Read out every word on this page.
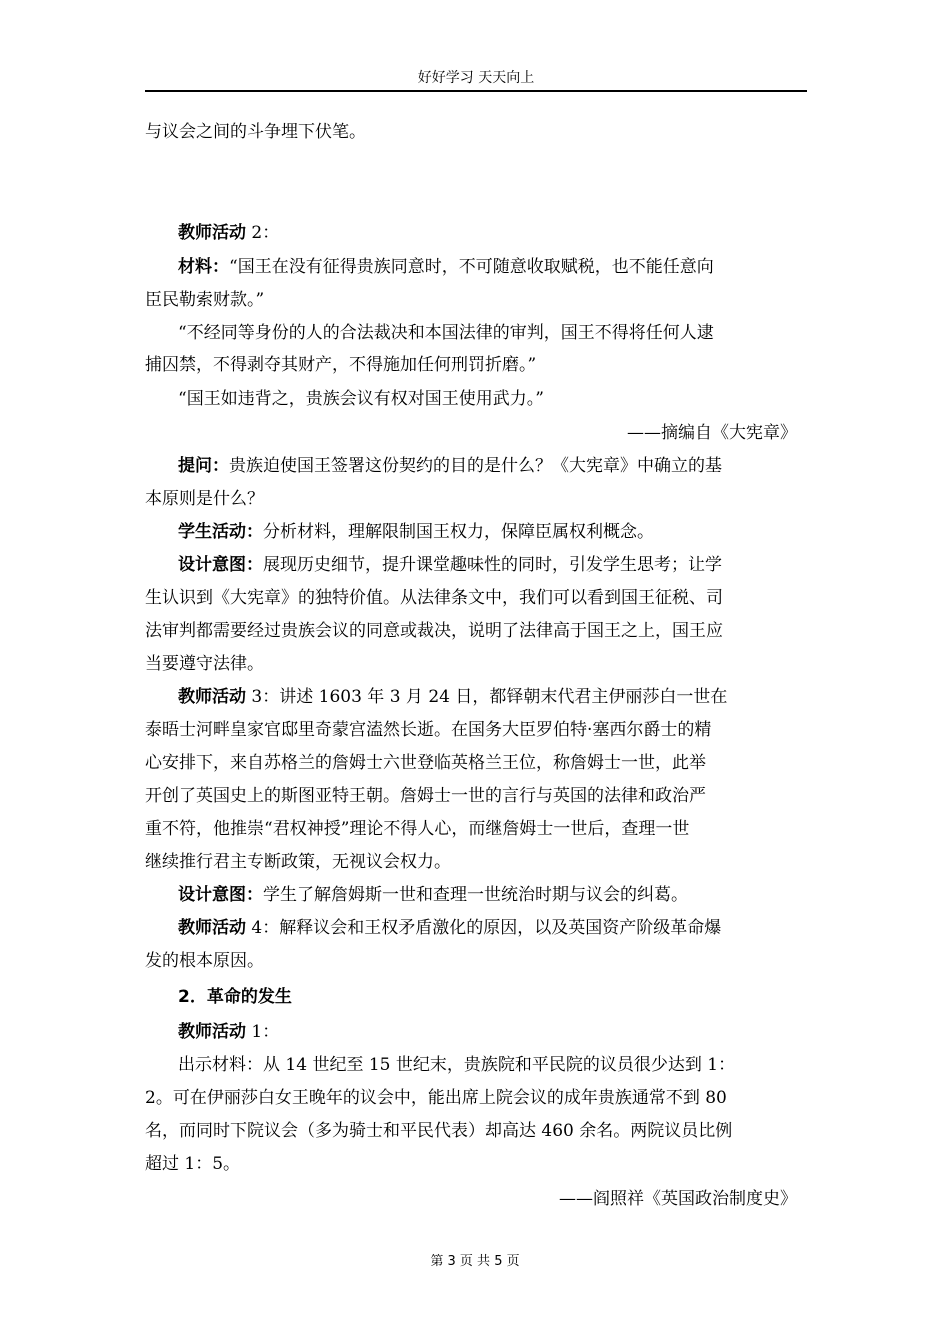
好好学习 天天向上
与议会之间的斗争埋下伏笔。
教师活动 2：
材料：“国王在没有征得贵族同意时，不可随意收取赋税，也不能任意向
臣民勒索财款。”
“不经同等身份的人的合法裁决和本国法律的审判，国王不得将任何人逮
捕囚禁，不得剥夺其财产，不得施加任何刑罚折磨。”
“国王如违背之，贵族会议有权对国王使用武力。”
——摘编自《大宪章》
提问：贵族迫使国王签署这份契约的目的是什么？《大宪章》中确立的基
本原则是什么？
学生活动：分析材料，理解限制国王权力，保障臣属权利概念。
设计意图：展现历史细节，提升课堂趣味性的同时，引发学生思考；让学
生认识到《大宪章》的独特价值。从法律条文中，我们可以看到国王征税、司
法审判都需要经过贵族会议的同意或裁决，说明了法律高于国王之上，国王应
当要遵守法律。
教师活动 3：讲述 1603 年 3 月 24 日，都铎朝末代君主伊丽莎白一世在
泰晤士河畔皇家官邸里奇蒙宫溘然长逝。在国务大臣罗伯特·塞西尔爵士的精
心安排下，来自苏格兰的詹姆士六世登临英格兰王位，称詹姆士一世，此举
开创了英国史上的斯图亚特王朝。詹姆士一世的言行与英国的法律和政治严
重不符，他推崇“君权神授”理论不得人心，而继詹姆士一世后，查理一世
继续推行君主专断政策，无视议会权力。
设计意图：学生了解詹姆斯一世和查理一世统治时期与议会的纠葛。
教师活动 4：解释议会和王权矛盾激化的原因，以及英国资产阶级革命爆
发的根本原因。
2．革命的发生
教师活动 1：
出示材料：从 14 世纪至 15 世纪末，贵族院和平民院的议员很少达到 1：
2。可在伊丽莎白女王晚年的议会中，能出席上院会议的成年贵族通常不到 80
名，而同时下院议会（多为骑士和平民代表）却高达 460 余名。两院议员比例
超过 1：5。
——阎照祥《英国政治制度史》
第 3 页 共 5 页
